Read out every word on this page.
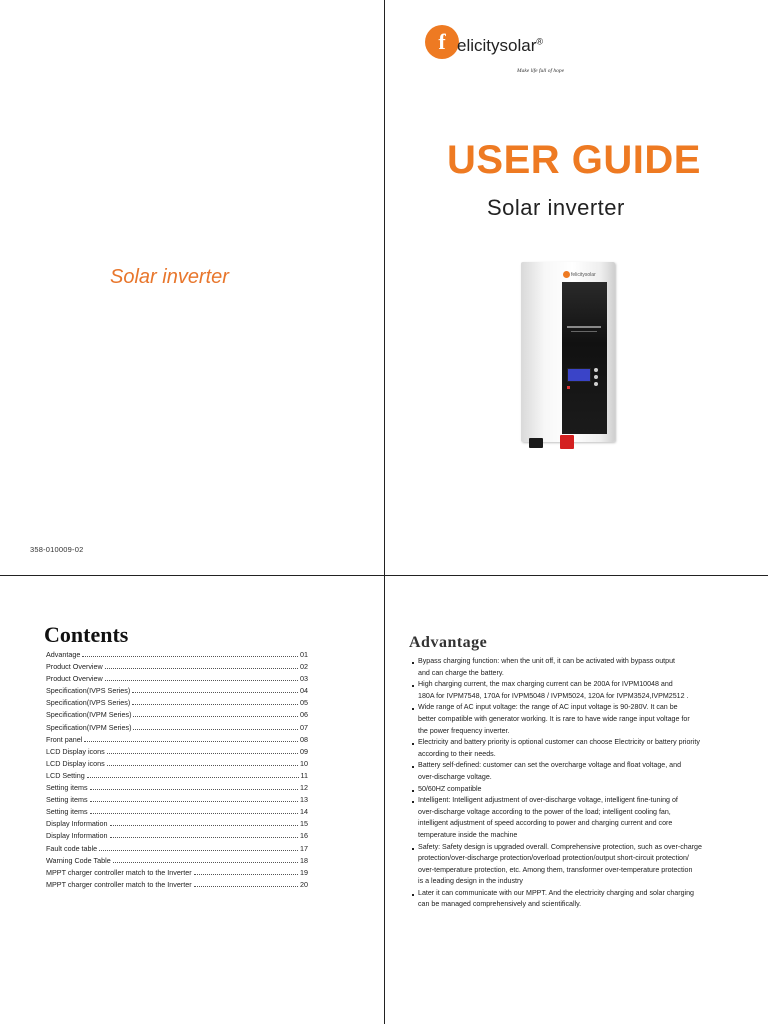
Solar inverter
358-010009-02
f elicitysolar®
Make life full of hope
USER GUIDE
Solar inverter
felicitysolar
Contents
Advantage	01
Product Overview	02
Product Overview	03
Specification(IVPS Series)	04
Specification(IVPS Series)	05
Specification(IVPM Series)	06
Specification(IVPM Series)	07
Front panel	08
LCD Display icons	09
LCD Display icons	10
LCD Setting	11
Setting items	12
Setting items	13
Setting items	14
Display Information	15
Display Information	16
Fault code table	17
Warning Code Table	18
MPPT charger controller match to the Inverter	19
MPPT charger controller match to the Inverter	20
Advantage
Bypass charging function: when the unit off, it can be activated with bypass output
and can charge the battery.
High charging current, the max charging current can be 200A for IVPM10048 and
180A for IVPM7548, 170A for IVPM5048 / IVPM5024, 120A for IVPM3524,IVPM2512 .
Wide range of AC input voltage: the range of AC input voltage is 90-280V. It can be
better compatible with generator working. It is rare to have wide range input voltage for
the power frequency inverter.
Electricity and battery priority is optional customer can choose Electricity or battery priority
according to their needs.
Battery self-defined: customer can set the overcharge voltage and float voltage, and
over-discharge voltage.
50/60HZ compatible
Intelligent: Intelligent adjustment of over-discharge voltage, intelligent fine-tuning of
over-discharge voltage according to the power of the load; intelligent cooling fan,
intelligent adjustment of speed according to power and charging current and core
temperature inside the machine
Safety: Safety design is upgraded overall. Comprehensive protection, such as over-charge
protection/over-discharge protection/overload protection/output short-circuit protection/
over-temperature protection, etc. Among them, transformer over-temperature protection
is a leading design in the industry
Later it can communicate with our MPPT. And the electricity charging and solar charging
can be managed comprehensively and scientifically.
